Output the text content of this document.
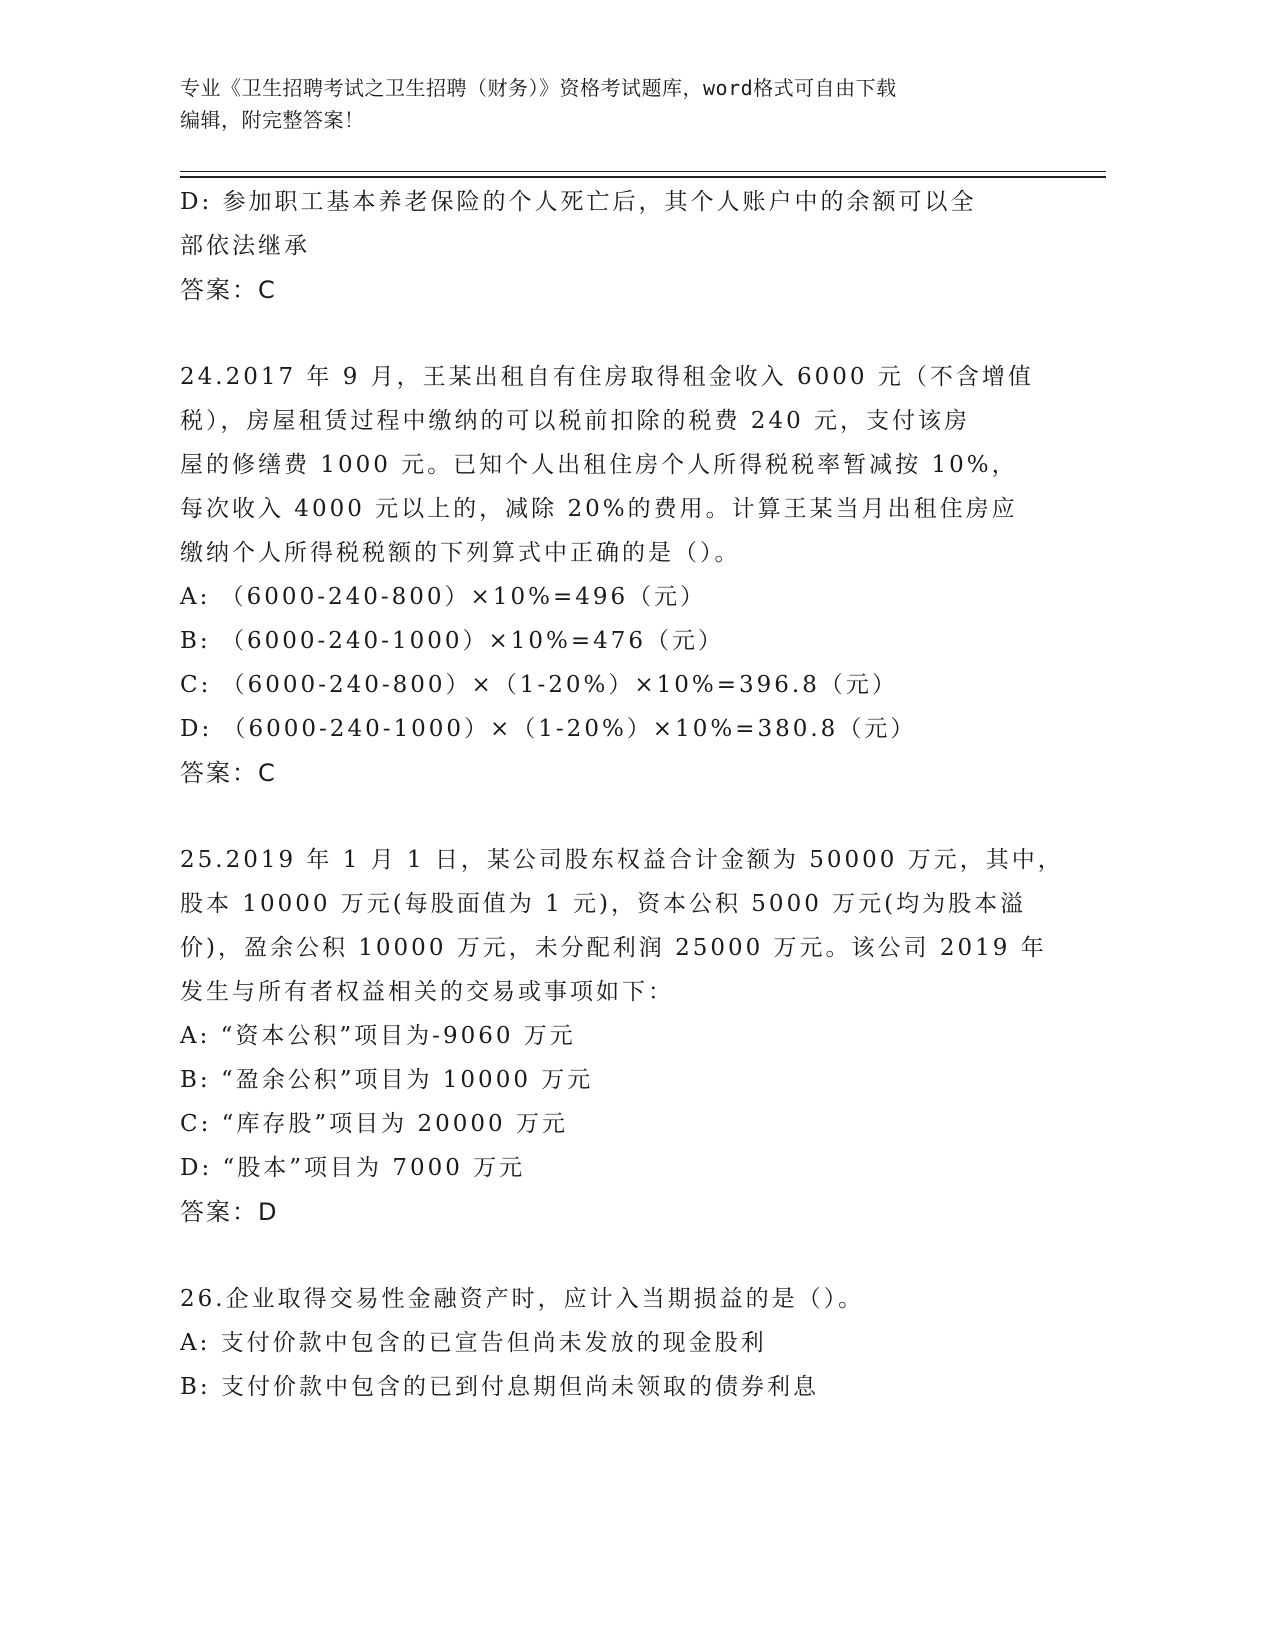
专业《卫生招聘考试之卫生招聘（财务）》资格考试题库，word格式可自由下载
编辑，附完整答案！
D: 参加职工基本养老保险的个人死亡后，其个人账户中的余额可以全
部依法继承
答案：C
24.2017 年 9 月，王某出租自有住房取得租金收入 6000 元（不含增值
税），房屋租赁过程中缴纳的可以税前扣除的税费 240 元，支付该房
屋的修缮费 1000 元。已知个人出租住房个人所得税税率暂减按 10%，
每次收入 4000 元以上的，减除 20%的费用。计算王某当月出租住房应
缴纳个人所得税税额的下列算式中正确的是（）。
A: （6000-240-800）×10%=496（元）
B: （6000-240-1000）×10%=476（元）
C: （6000-240-800）×（1-20%）×10%=396.8（元）
D: （6000-240-1000）×（1-20%）×10%=380.8（元）
答案：C
25.2019 年 1 月 1 日，某公司股东权益合计金额为 50000 万元，其中，
股本 10000 万元(每股面值为 1 元)，资本公积 5000 万元(均为股本溢
价)，盈余公积 10000 万元，未分配利润 25000 万元。该公司 2019 年
发生与所有者权益相关的交易或事项如下：
A: “资本公积”项目为-9060 万元
B: “盈余公积”项目为 10000 万元
C: “库存股”项目为 20000 万元
D: “股本”项目为 7000 万元
答案：D
26.企业取得交易性金融资产时，应计入当期损益的是（）。
A: 支付价款中包含的已宣告但尚未发放的现金股利
B: 支付价款中包含的已到付息期但尚未领取的债券利息
